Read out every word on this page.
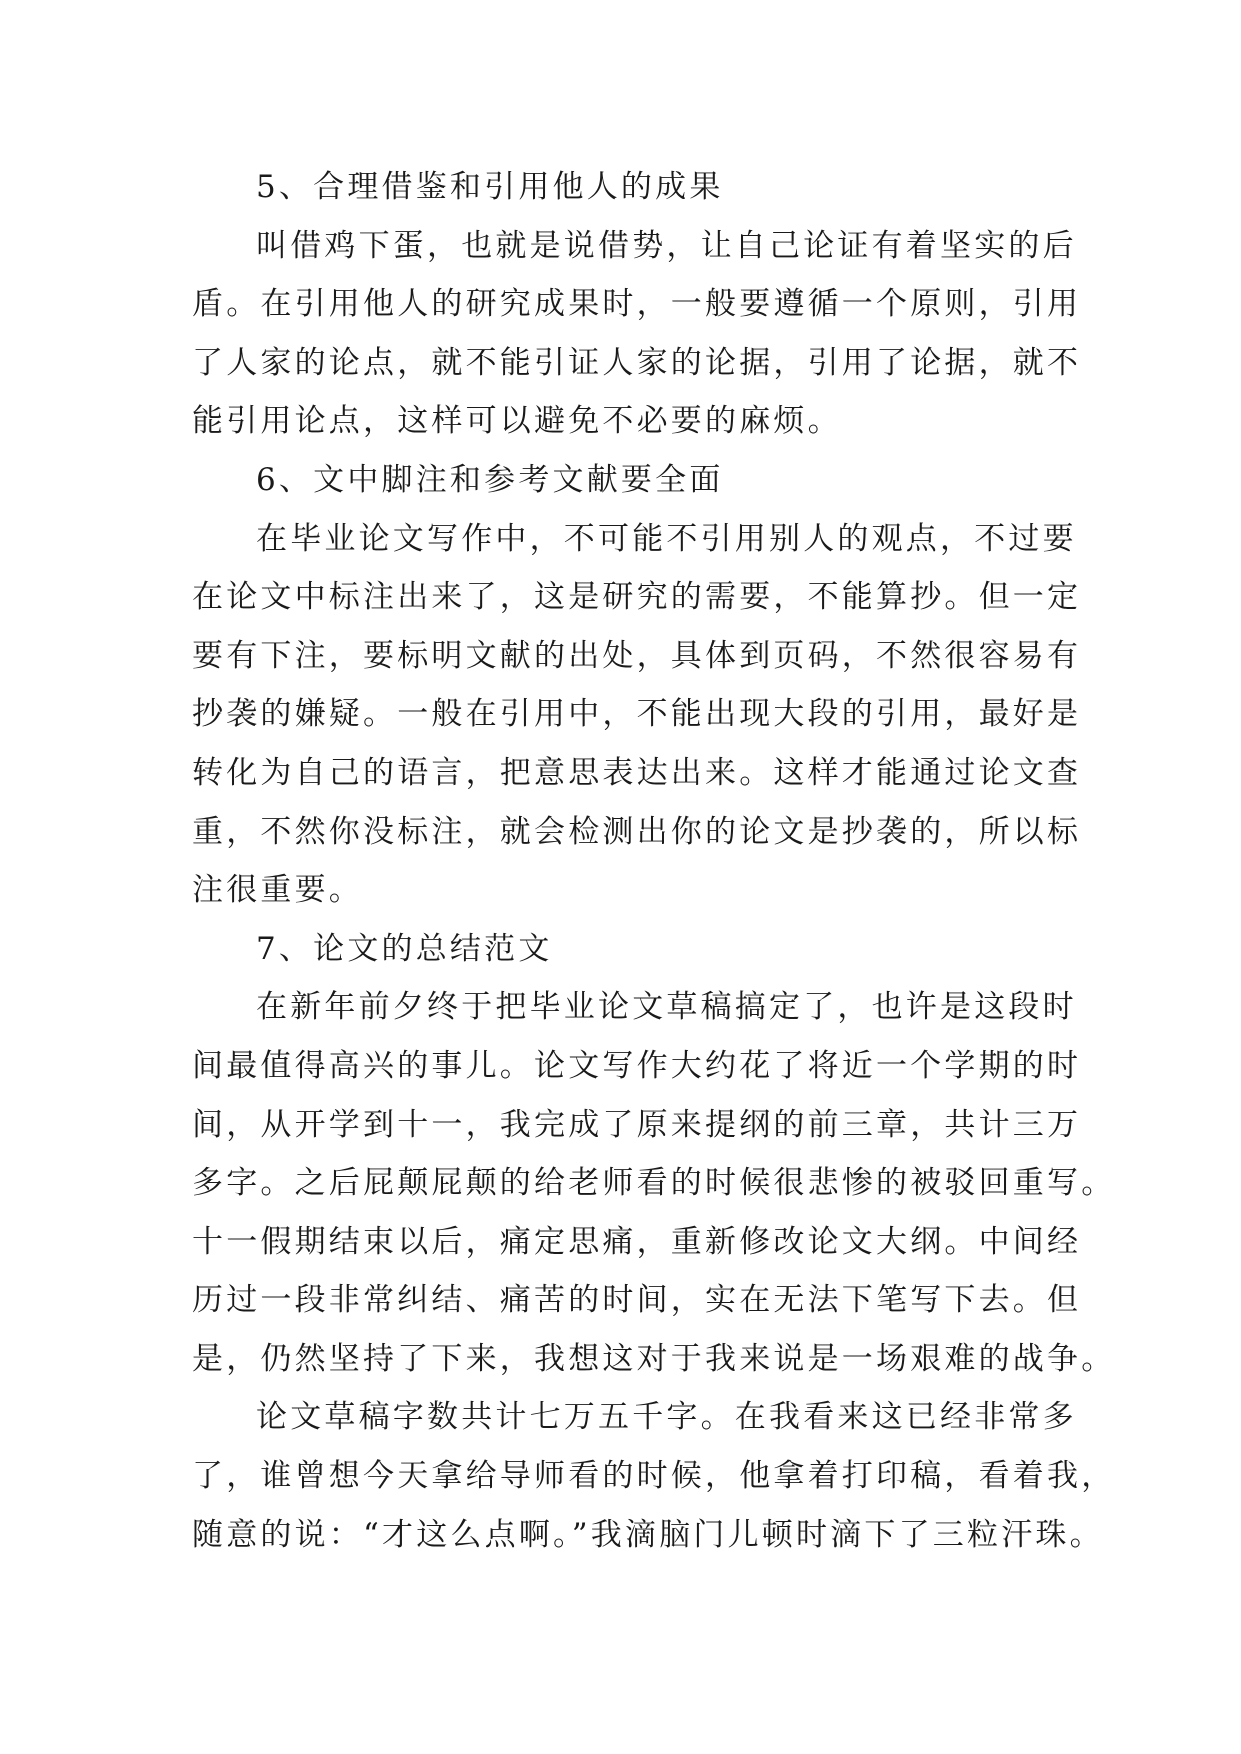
5、合理借鉴和引用他人的成果
叫借鸡下蛋，也就是说借势，让自己论证有着坚实的后
盾。在引用他人的研究成果时，一般要遵循一个原则，引用
了人家的论点，就不能引证人家的论据，引用了论据，就不
能引用论点，这样可以避免不必要的麻烦。
6、文中脚注和参考文献要全面
在毕业论文写作中，不可能不引用别人的观点，不过要
在论文中标注出来了，这是研究的需要，不能算抄。但一定
要有下注，要标明文献的出处，具体到页码，不然很容易有
抄袭的嫌疑。一般在引用中，不能出现大段的引用，最好是
转化为自己的语言，把意思表达出来。这样才能通过论文查
重，不然你没标注，就会检测出你的论文是抄袭的，所以标
注很重要。
7、论文的总结范文
在新年前夕终于把毕业论文草稿搞定了，也许是这段时
间最值得高兴的事儿。论文写作大约花了将近一个学期的时
间，从开学到十一，我完成了原来提纲的前三章，共计三万
多字。之后屁颠屁颠的给老师看的时候很悲惨的被驳回重写。
十一假期结束以后，痛定思痛，重新修改论文大纲。中间经
历过一段非常纠结、痛苦的时间，实在无法下笔写下去。但
是，仍然坚持了下来，我想这对于我来说是一场艰难的战争。
论文草稿字数共计七万五千字。在我看来这已经非常多
了，谁曾想今天拿给导师看的时候，他拿着打印稿，看着我，
随意的说：“才这么点啊。”我滴脑门儿顿时滴下了三粒汗珠。
